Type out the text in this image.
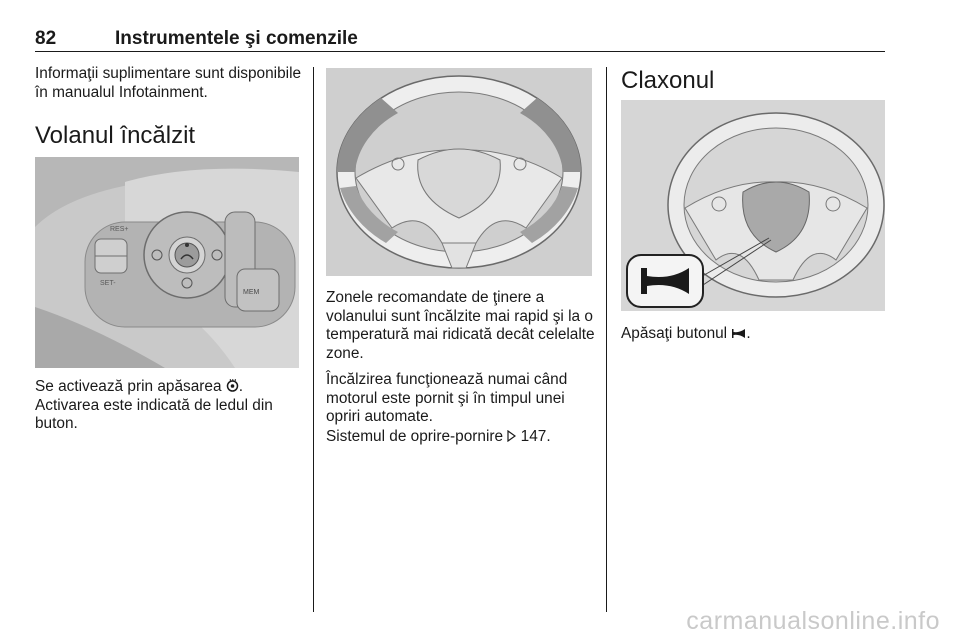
82	Instrumentele şi comenzile
Informaţii suplimentare sunt disponibile în manualul Infotainment.
Volanul încălzit
RES+
SET-
MEM
Se activează prin apăsarea . Activarea este indicată de ledul din buton.
Zonele recomandate de ţinere a volanului sunt încălzite mai rapid şi la o temperatură mai ridicată decât celelalte zone.
Încălzirea funcţionează numai când motorul este pornit şi în timpul unei opriri automate.
Sistemul de oprire-pornire 147.
Claxonul
Apăsaţi butonul .
carmanualsonline.info
